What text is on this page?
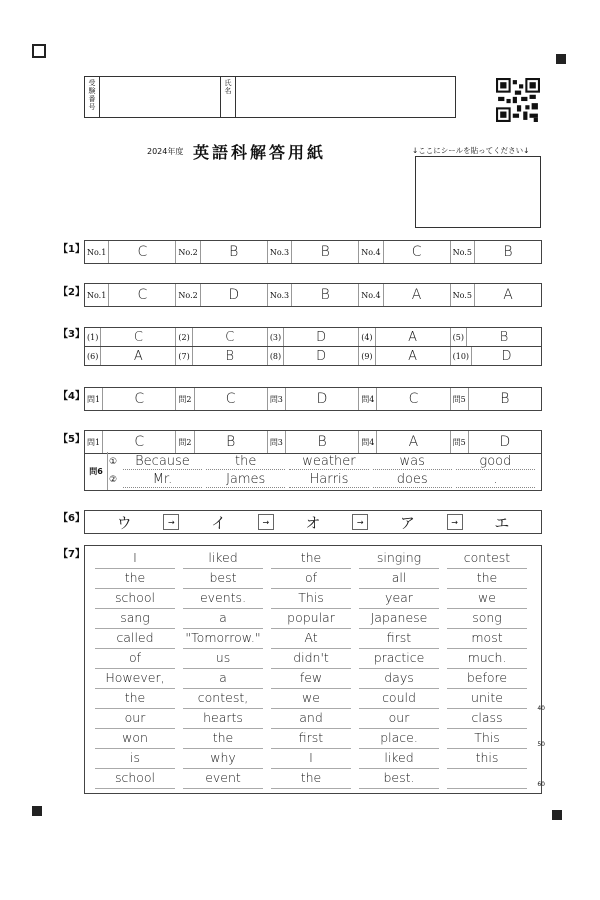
受験番号	氏名
2024年度 英語科解答用紙	↓ここにシールを貼ってください↓
【1】 No.1	C	No.2	B	No.3	B	No.4	C	No.5	B
【2】 No.1	C	No.2	D	No.3	B	No.4	A	No.5	A
【3】 (1)	C	(2)	C	(3)	D	(4)	A	(5)	B
(6)	A	(7)	B	(8)	D	(9)	A	(10)	D
【4】 問1	C	問2	C	問3	D	問4	C	問5	B
【5】 問1	C	問2	B	問3	B	問4	A	問5	D
問6
①	Because	the	weather	was	good
②	Mr.	James	Harris	does	.
【6】	ウ	→	イ	→	オ	→	ア	→	エ
【7】	I	liked	the	singing	contest
the	best	of	all	the
school	events.	This	year	we
sang	a	popular	Japanese	song
called	"Tomorrow."	At	first	most
of	us	didn't	practice	much.
However,	a	few	days	before
the	contest,	we	could	unite
our	hearts	and	our	class
40
won	the	first	place.	This
is	why	I	liked	this
50
school	event	the	best.	60
